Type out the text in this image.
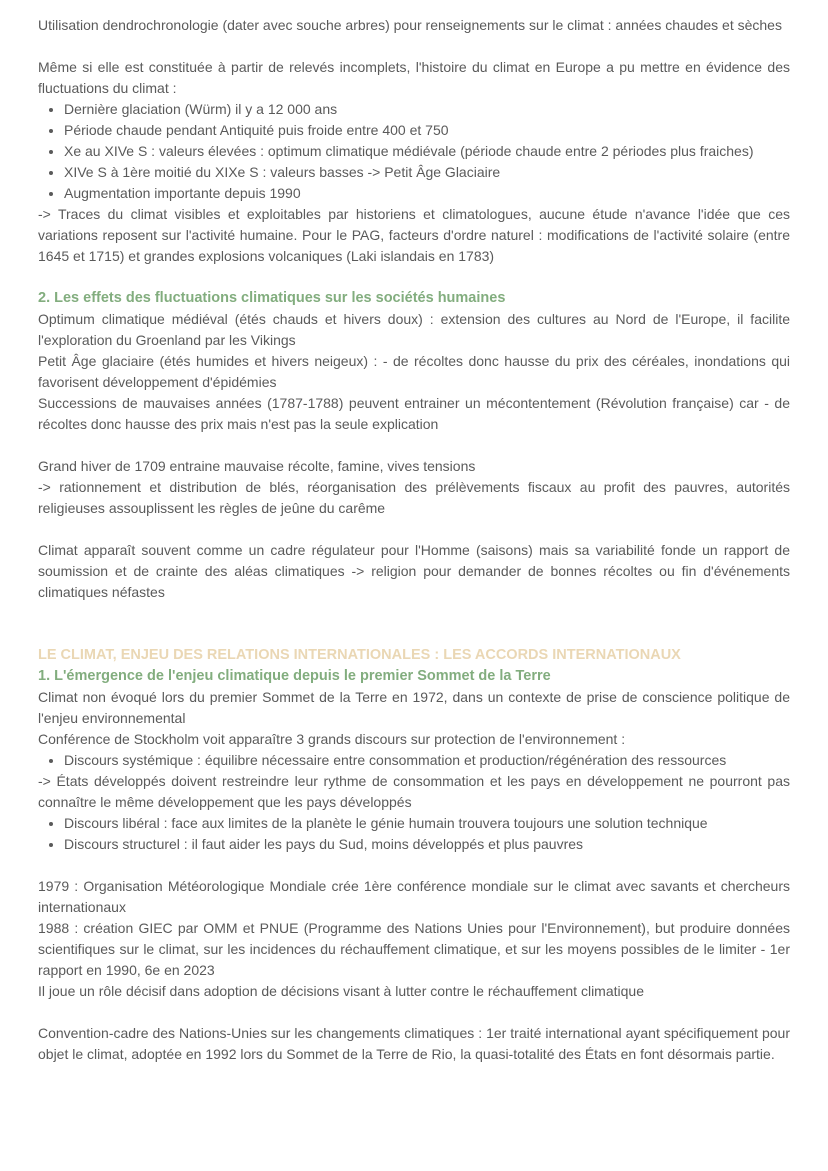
Utilisation dendrochronologie (dater avec souche arbres) pour renseignements sur le climat : années chaudes et sèches

Même si elle est constituée à partir de relevés incomplets, l'histoire du climat en Europe a pu mettre en évidence des fluctuations du climat :

• Dernière glaciation (Würm) il y a 12 000 ans
• Période chaude pendant Antiquité puis froide entre 400 et 750
• Xe au XIVe S : valeurs élevées : optimum climatique médiévale (période chaude entre 2 périodes plus fraiches)
• XIVe S à 1ère moitié du XIXe S : valeurs basses -> Petit Âge Glaciaire
• Augmentation importante depuis 1990

-> Traces du climat visibles et exploitables par historiens et climatologues, aucune étude n'avance l'idée que ces variations reposent sur l'activité humaine. Pour le PAG, facteurs d'ordre naturel : modifications de l'activité solaire (entre 1645 et 1715) et grandes explosions volcaniques (Laki islandais en 1783)

2. Les effets des fluctuations climatiques sur les sociétés humaines

Optimum climatique médiéval (étés chauds et hivers doux) : extension des cultures au Nord de l'Europe, il facilite l'exploration du Groenland par les Vikings

Petit Âge glaciaire (étés humides et hivers neigeux) : - de récoltes donc hausse du prix des céréales, inondations qui favorisent développement d'épidémies

Successions de mauvaises années (1787-1788) peuvent entrainer un mécontentement (Révolution française) car - de récoltes donc hausse des prix mais n'est pas la seule explication

Grand hiver de 1709 entraine mauvaise récolte, famine, vives tensions

-> rationnement et distribution de blés, réorganisation des prélèvements fiscaux au profit des pauvres, autorités religieuses assouplissent les règles de jeûne du carême

Climat apparaît souvent comme un cadre régulateur pour l'Homme (saisons) mais sa variabilité fonde un rapport de soumission et de crainte des aléas climatiques -> religion pour demander de bonnes récoltes ou fin d'événements climatiques néfastes

LE CLIMAT, ENJEU DES RELATIONS INTERNATIONALES : LES ACCORDS INTERNATIONAUX

1. L'émergence de l'enjeu climatique depuis le premier Sommet de la Terre

Climat non évoqué lors du premier Sommet de la Terre en 1972, dans un contexte de prise de conscience politique de l'enjeu environnemental

Conférence de Stockholm voit apparaître 3 grands discours sur protection de l'environnement :

• Discours systémique : équilibre nécessaire entre consommation et production/régénération des ressources

-> États développés doivent restreindre leur rythme de consommation et les pays en développement ne pourront pas connaître le même développement que les pays développés

• Discours libéral : face aux limites de la planète le génie humain trouvera toujours une solution technique
• Discours structurel : il faut aider les pays du Sud, moins développés et plus pauvres

1979 : Organisation Météorologique Mondiale crée 1ère conférence mondiale sur le climat avec savants et chercheurs internationaux

1988 : création GIEC par OMM et PNUE (Programme des Nations Unies pour l'Environnement), but produire données scientifiques sur le climat, sur les incidences du réchauffement climatique, et sur les moyens possibles de le limiter - 1er rapport en 1990, 6e en 2023

Il joue un rôle décisif dans adoption de décisions visant à lutter contre le réchauffement climatique

Convention-cadre des Nations-Unies sur les changements climatiques : 1er traité international ayant spécifiquement pour objet le climat, adoptée en 1992 lors du Sommet de la Terre de Rio, la quasi-totalité des États en font désormais partie.
